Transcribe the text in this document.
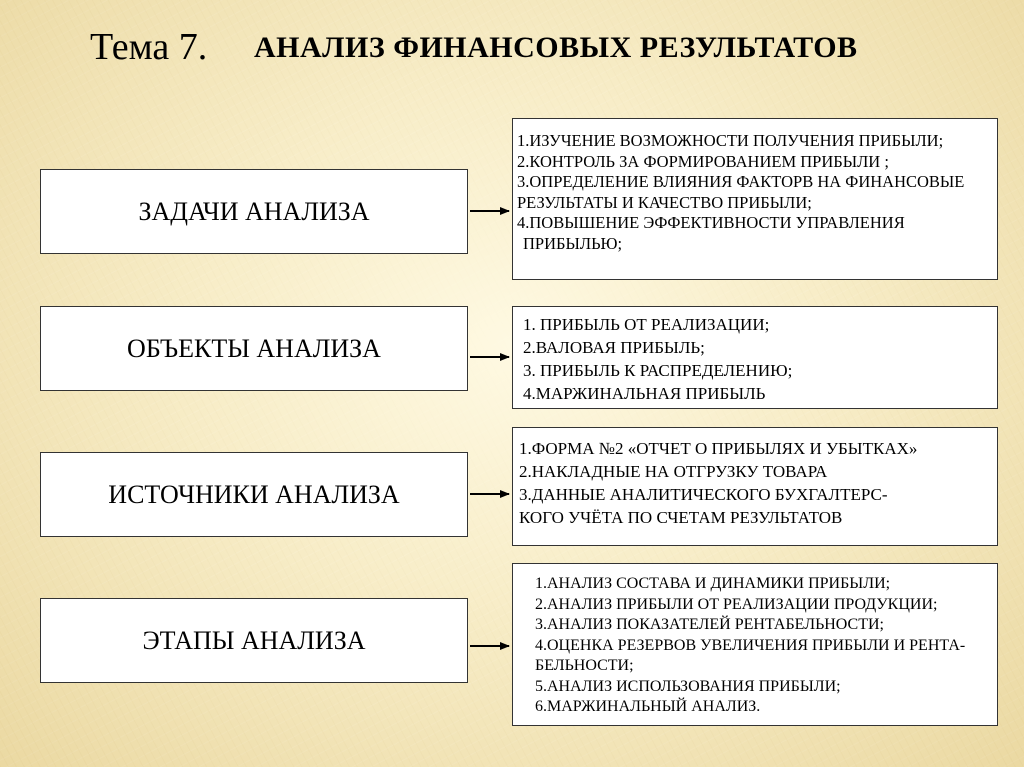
Тема 7. АНАЛИЗ ФИНАНСОВЫХ РЕЗУЛЬТАТОВ
ЗАДАЧИ АНАЛИЗА
1.ИЗУЧЕНИЕ ВОЗМОЖНОСТИ ПОЛУЧЕНИЯ ПРИБЫЛИ;
2.КОНТРОЛЬ ЗА ФОРМИРОВАНИЕМ ПРИБЫЛИ ;
3.ОПРЕДЕЛЕНИЕ ВЛИЯНИЯ ФАКТОРВ НА ФИНАНСОВЫЕ
РЕЗУЛЬТАТЫ И КАЧЕСТВО ПРИБЫЛИ;
4.ПОВЫШЕНИЕ ЭФФЕКТИВНОСТИ УПРАВЛЕНИЯ
ПРИБЫЛЬЮ;
ОБЪЕКТЫ АНАЛИЗА
1. ПРИБЫЛЬ ОТ РЕАЛИЗАЦИИ;
2.ВАЛОВАЯ ПРИБЫЛЬ;
3. ПРИБЫЛЬ К РАСПРЕДЕЛЕНИЮ;
4.МАРЖИНАЛЬНАЯ ПРИБЫЛЬ
ИСТОЧНИКИ АНАЛИЗА
1.ФОРМА №2 «ОТЧЕТ О ПРИБЫЛЯХ И УБЫТКАХ»
2.НАКЛАДНЫЕ НА ОТГРУЗКУ ТОВАРА
3.ДАННЫЕ АНАЛИТИЧЕСКОГО БУХГАЛТЕРС-
КОГО УЧЁТА ПО СЧЕТАМ РЕЗУЛЬТАТОВ
ЭТАПЫ АНАЛИЗА
1.АНАЛИЗ СОСТАВА И ДИНАМИКИ ПРИБЫЛИ;
2.АНАЛИЗ ПРИБЫЛИ ОТ РЕАЛИЗАЦИИ ПРОДУКЦИИ;
3.АНАЛИЗ ПОКАЗАТЕЛЕЙ РЕНТАБЕЛЬНОСТИ;
4.ОЦЕНКА РЕЗЕРВОВ УВЕЛИЧЕНИЯ ПРИБЫЛИ И РЕНТА-
БЕЛЬНОСТИ;
5.АНАЛИЗ ИСПОЛЬЗОВАНИЯ ПРИБЫЛИ;
6.МАРЖИНАЛЬНЫЙ АНАЛИЗ.
